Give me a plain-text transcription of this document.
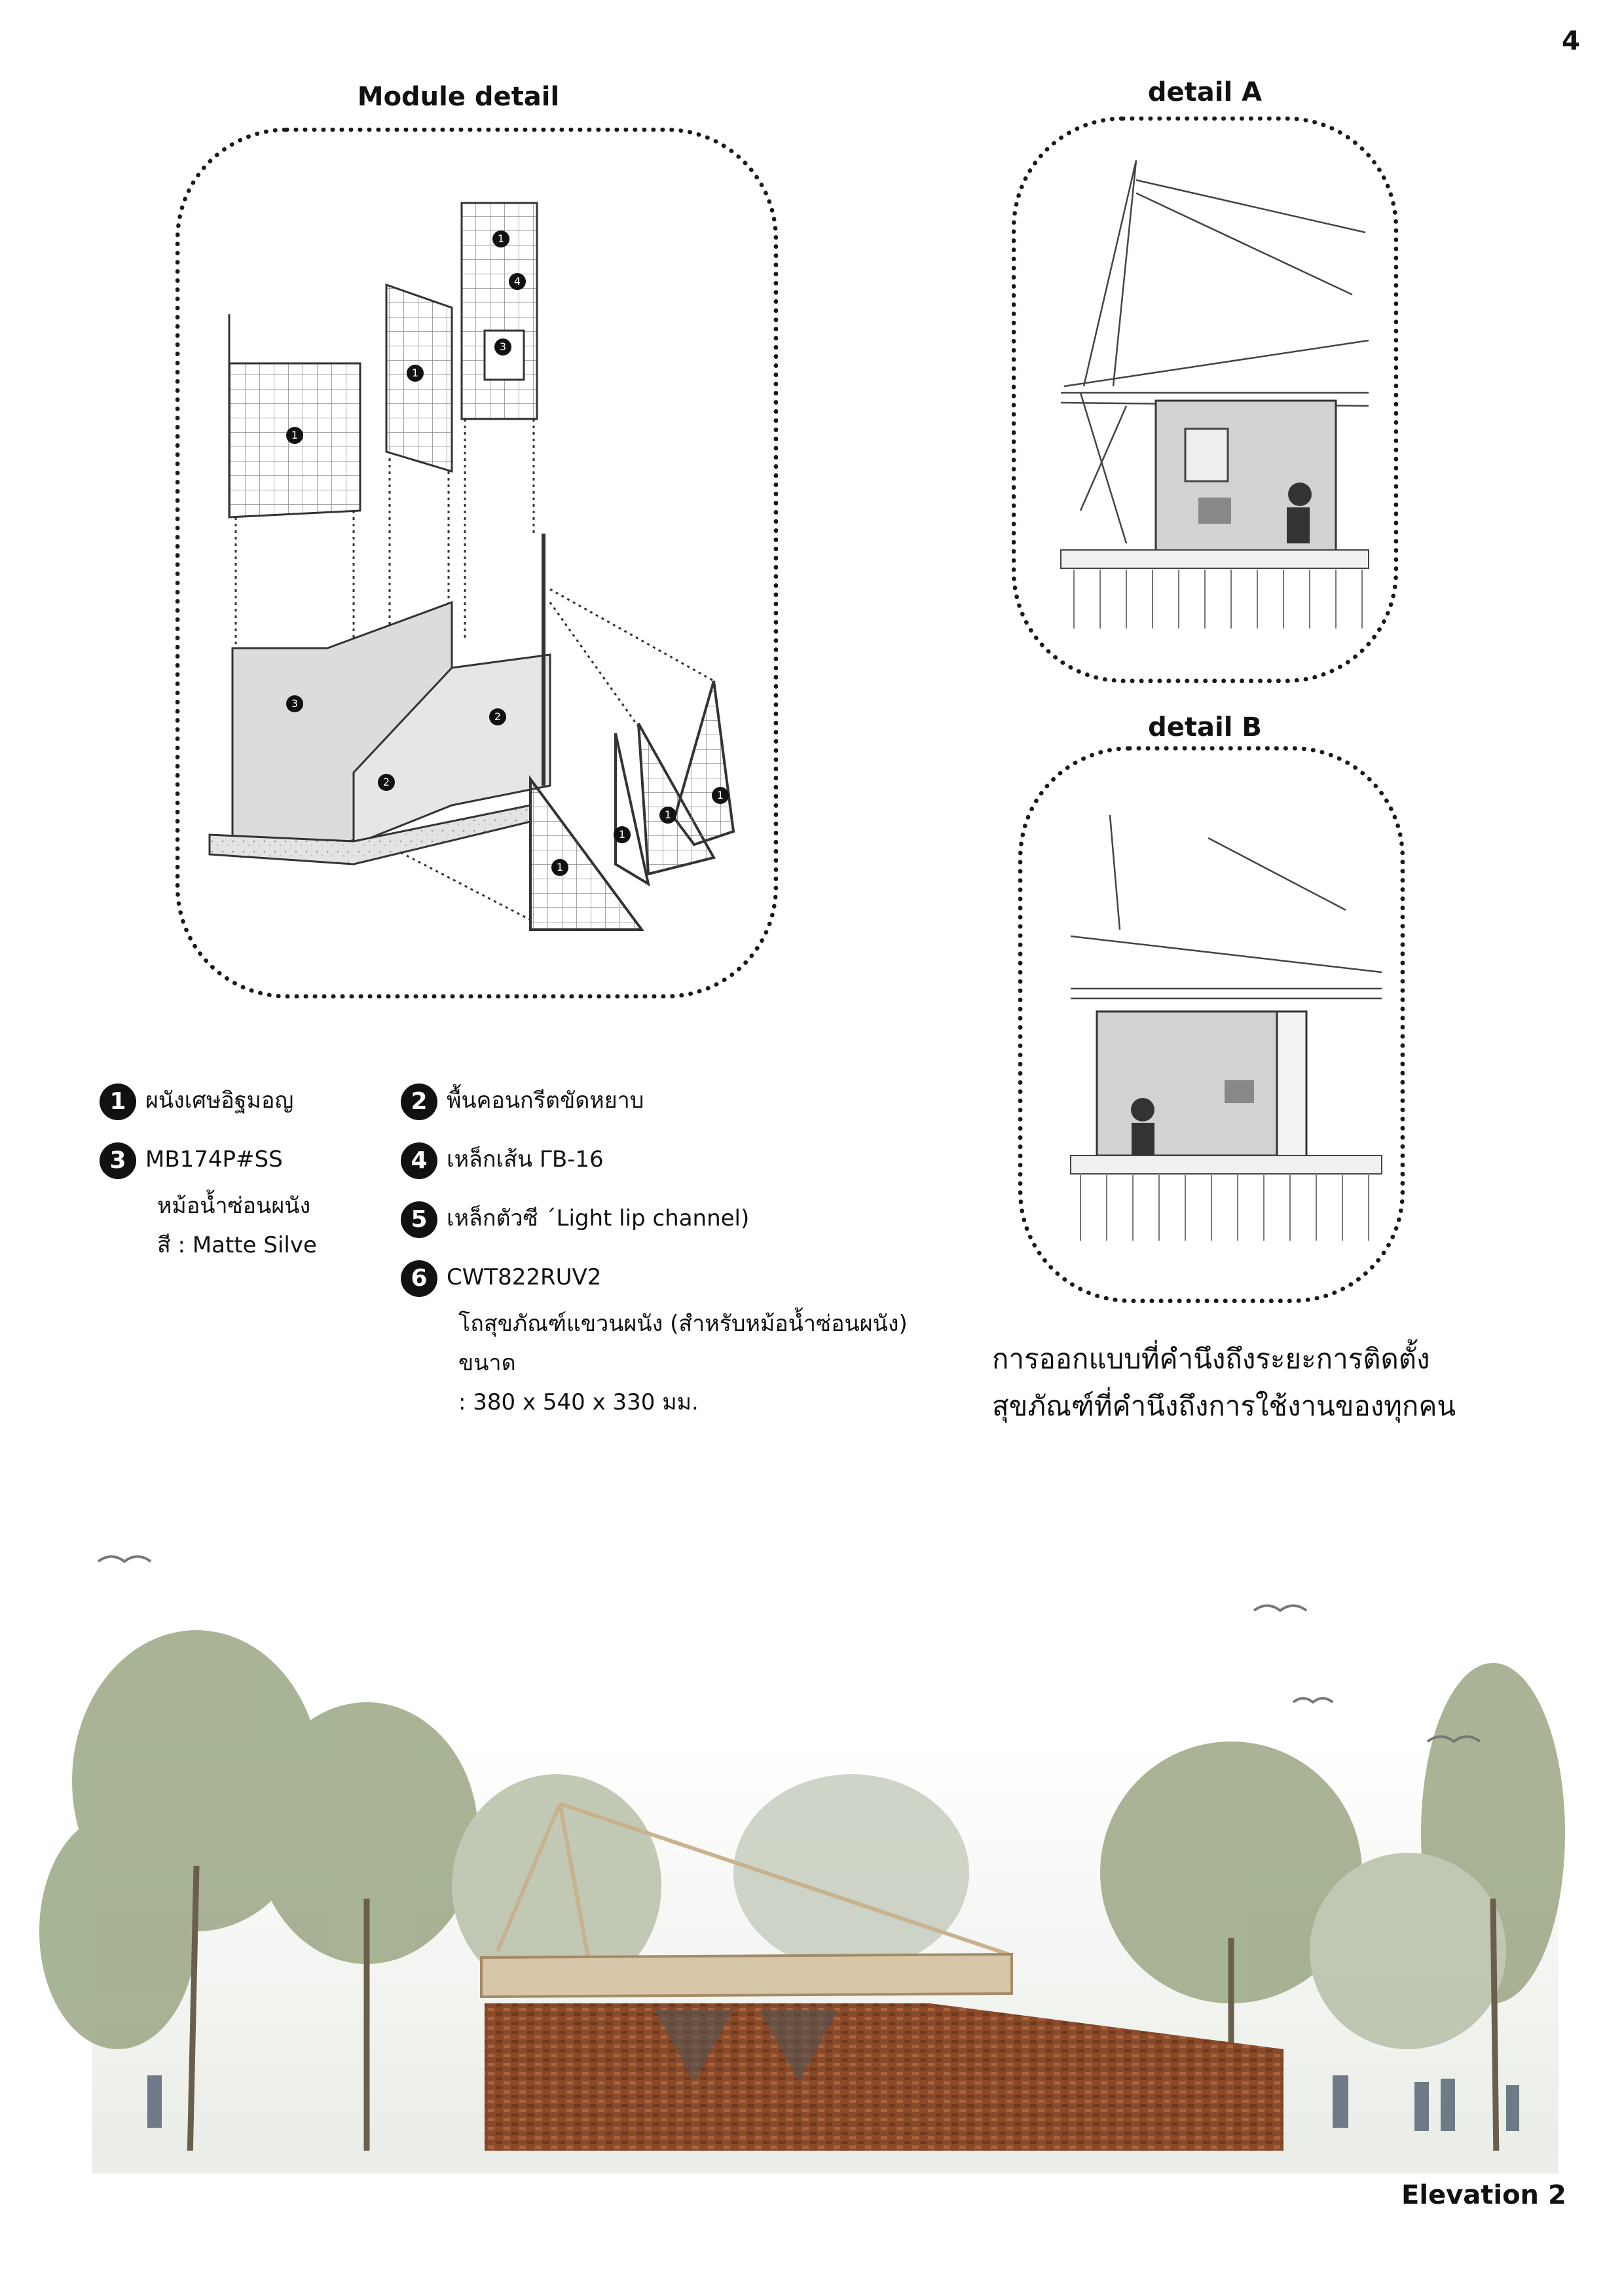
4
Module detail
1
1
4
3
1
3
2
2
1
1
1
1
detail A
detail B
1 ผนังเศษอิฐมอญ
3 MB174P#SS
หม้อน้ำซ่อนผนัง
สี : Matte Silve
2 พื้นคอนกรีตขัดหยาบ
4 เหล็กเส้น ΓB-16
5 เหล็กตัวซี ´Light lip channel)
6 CWT822RUV2
โถสุขภัณฑ์แขวนผนัง (สำหรับหม้อน้ำซ่อนผนัง)
ขนาด
: 380 x 540 x 330 มม.
การออกแบบที่คำนึงถึงระยะการติดตั้ง
สุขภัณฑ์ที่คำนึงถึงการใช้งานของทุกคน
Elevation 2
